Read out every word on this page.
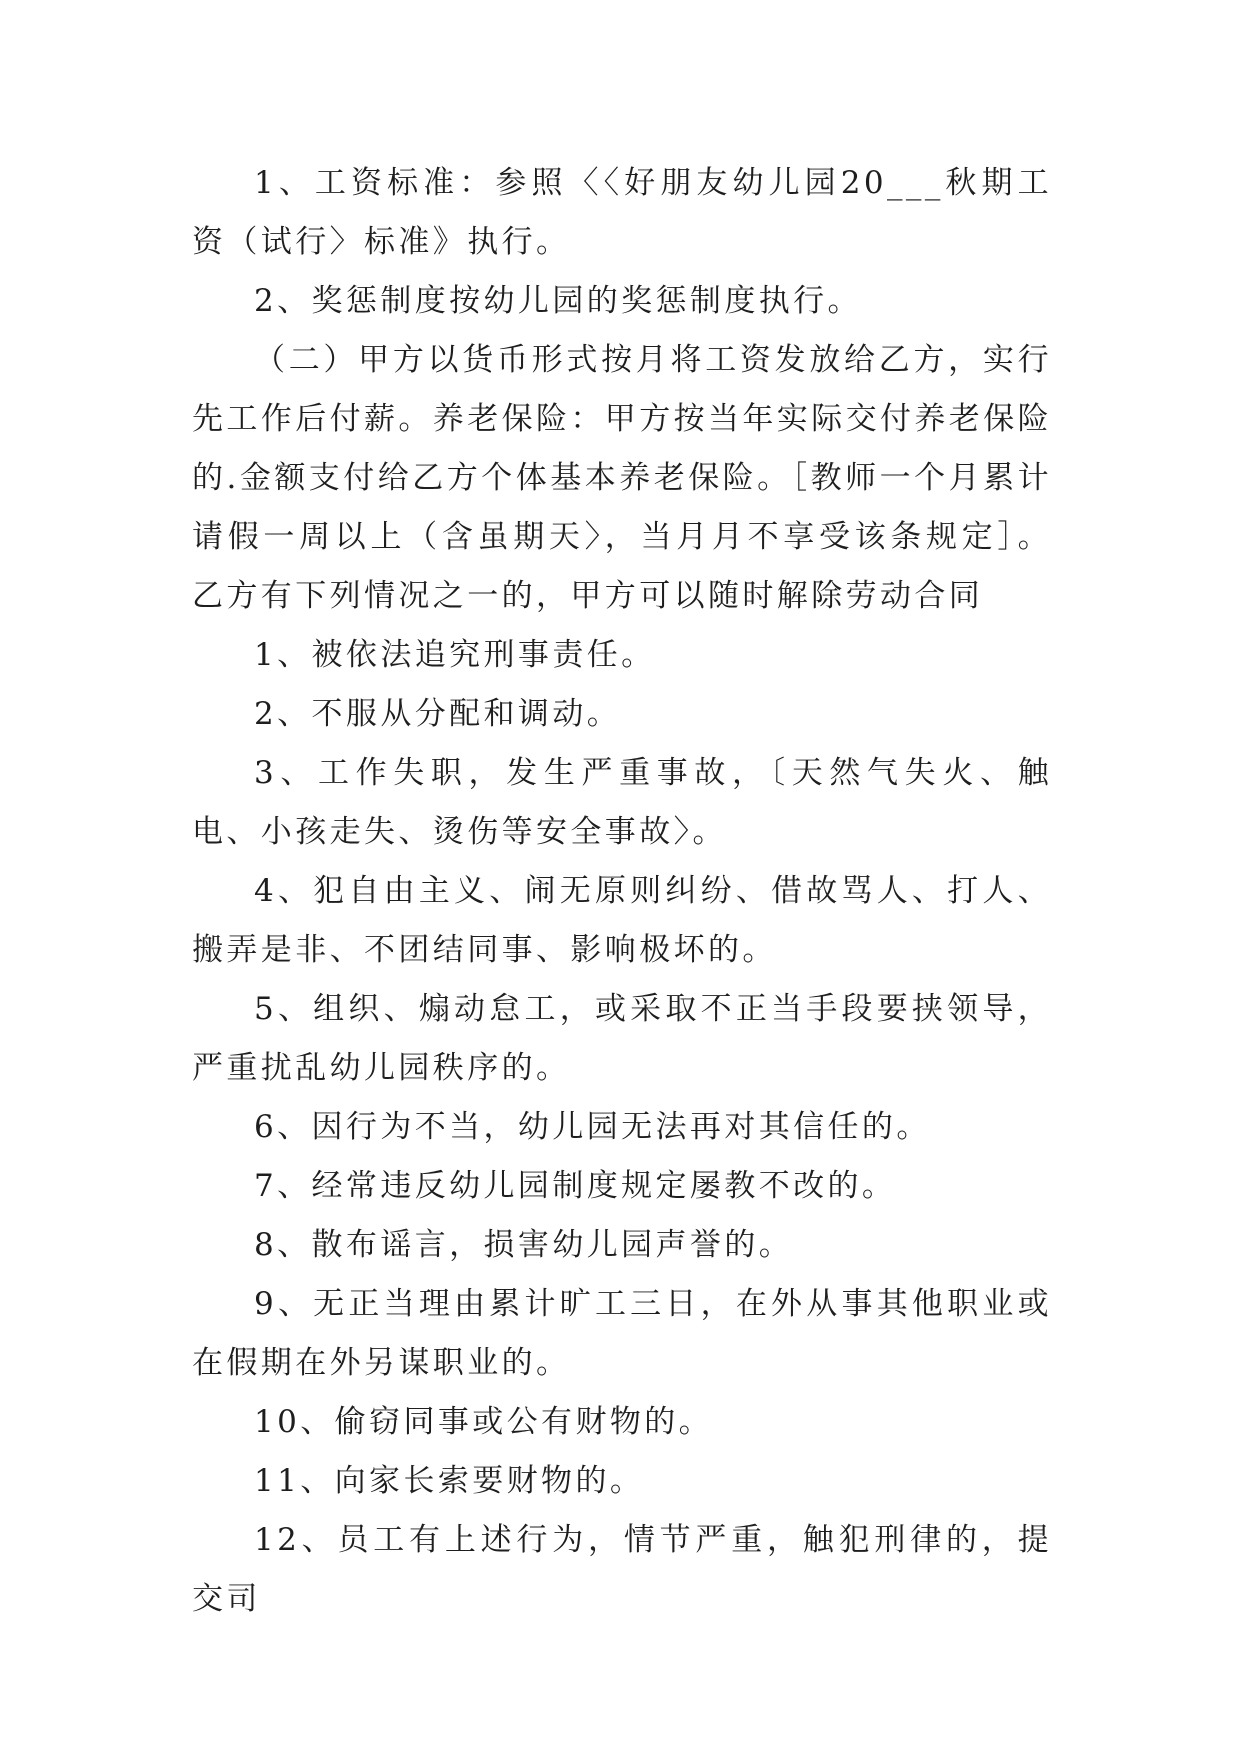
1、工资标准：参照〈〈好朋友幼儿园20___秋期工资（试行〉标准》执行。

2、奖惩制度按幼儿园的奖惩制度执行。

（二）甲方以货币形式按月将工资发放给乙方，实行先工作后付薪。养老保险：甲方按当年实际交付养老保险的.金额支付给乙方个体基本养老保险。［教师一个月累计请假一周以上（含虽期天〉，当月月不享受该条规定］。乙方有下列情况之一的，甲方可以随时解除劳动合同

1、被依法追究刑事责任。

2、不服从分配和调动。

3、工作失职，发生严重事故，〔天然气失火、触电、小孩走失、烫伤等安全事故〉。

4、犯自由主义、闹无原则纠纷、借故骂人、打人、搬弄是非、不团结同事、影响极坏的。

5、组织、煽动怠工，或采取不正当手段要挟领导，严重扰乱幼儿园秩序的。

6、因行为不当，幼儿园无法再对其信任的。

7、经常违反幼儿园制度规定屡教不改的。

8、散布谣言，损害幼儿园声誉的。

9、无正当理由累计旷工三日，在外从事其他职业或在假期在外另谋职业的。

10、偷窃同事或公有财物的。

11、向家长索要财物的。

12、员工有上述行为，情节严重，触犯刑律的，提交司
